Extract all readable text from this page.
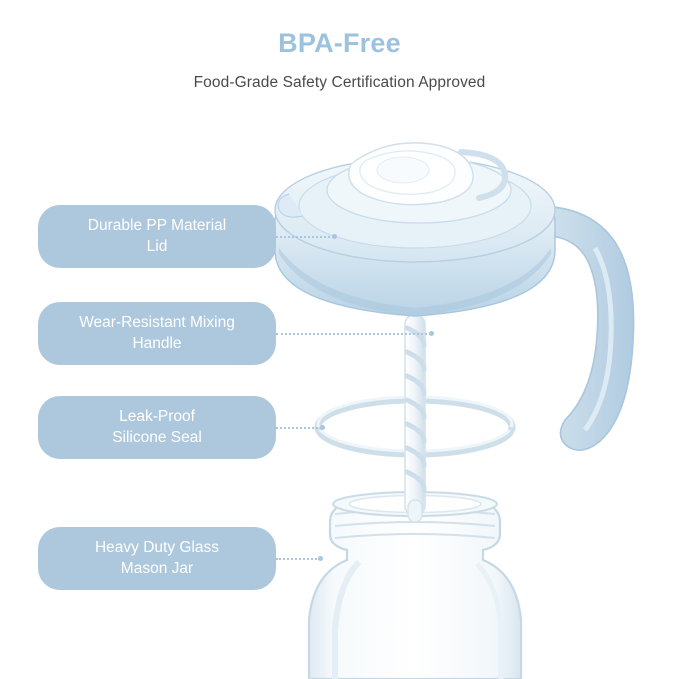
BPA-Free
Food-Grade Safety Certification Approved
Durable PP Material
Lid
Wear-Resistant Mixing
Handle
Leak-Proof
Silicone Seal
Heavy Duty Glass
Mason Jar
